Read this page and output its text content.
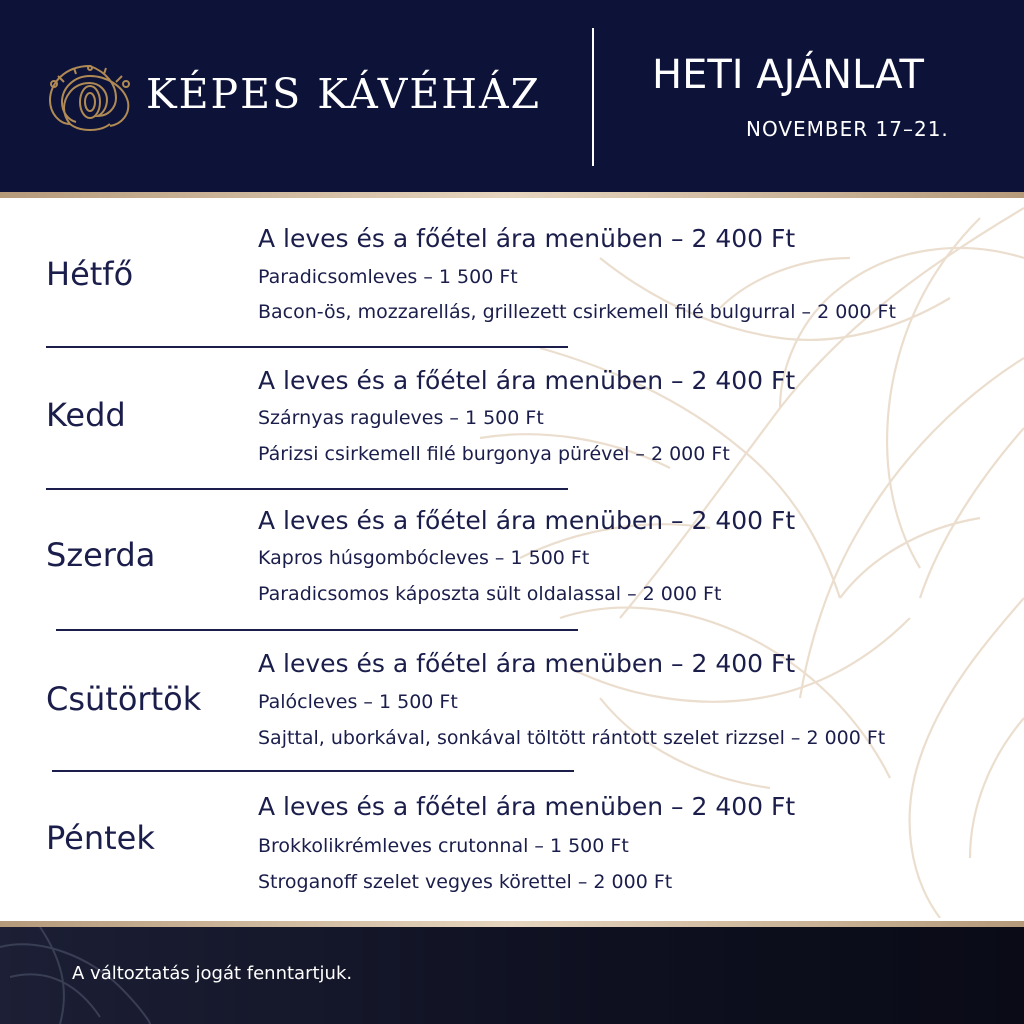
KÉPES KÁVÉHÁZ	HETI AJÁNLAT
NOVEMBER 17–21.
Hétfő
A leves és a főétel ára menüben – 2 400 Ft
Paradicsomleves – 1 500 Ft
Bacon-ös, mozzarellás, grillezett csirkemell filé bulgurral – 2 000 Ft
Kedd
A leves és a főétel ára menüben – 2 400 Ft
Szárnyas raguleves – 1 500 Ft
Párizsi csirkemell filé burgonya pürével – 2 000 Ft
Szerda
A leves és a főétel ára menüben – 2 400 Ft
Kapros húsgombócleves – 1 500 Ft
Paradicsomos káposzta sült oldalassal – 2 000 Ft
Csütörtök
A leves és a főétel ára menüben – 2 400 Ft
Palócleves – 1 500 Ft
Sajttal, uborkával, sonkával töltött rántott szelet rizzsel – 2 000 Ft
Péntek
A leves és a főétel ára menüben – 2 400 Ft
Brokkolikrémleves crutonnal – 1 500 Ft
Stroganoff szelet vegyes körettel – 2 000 Ft
A változtatás jogát fenntartjuk.
